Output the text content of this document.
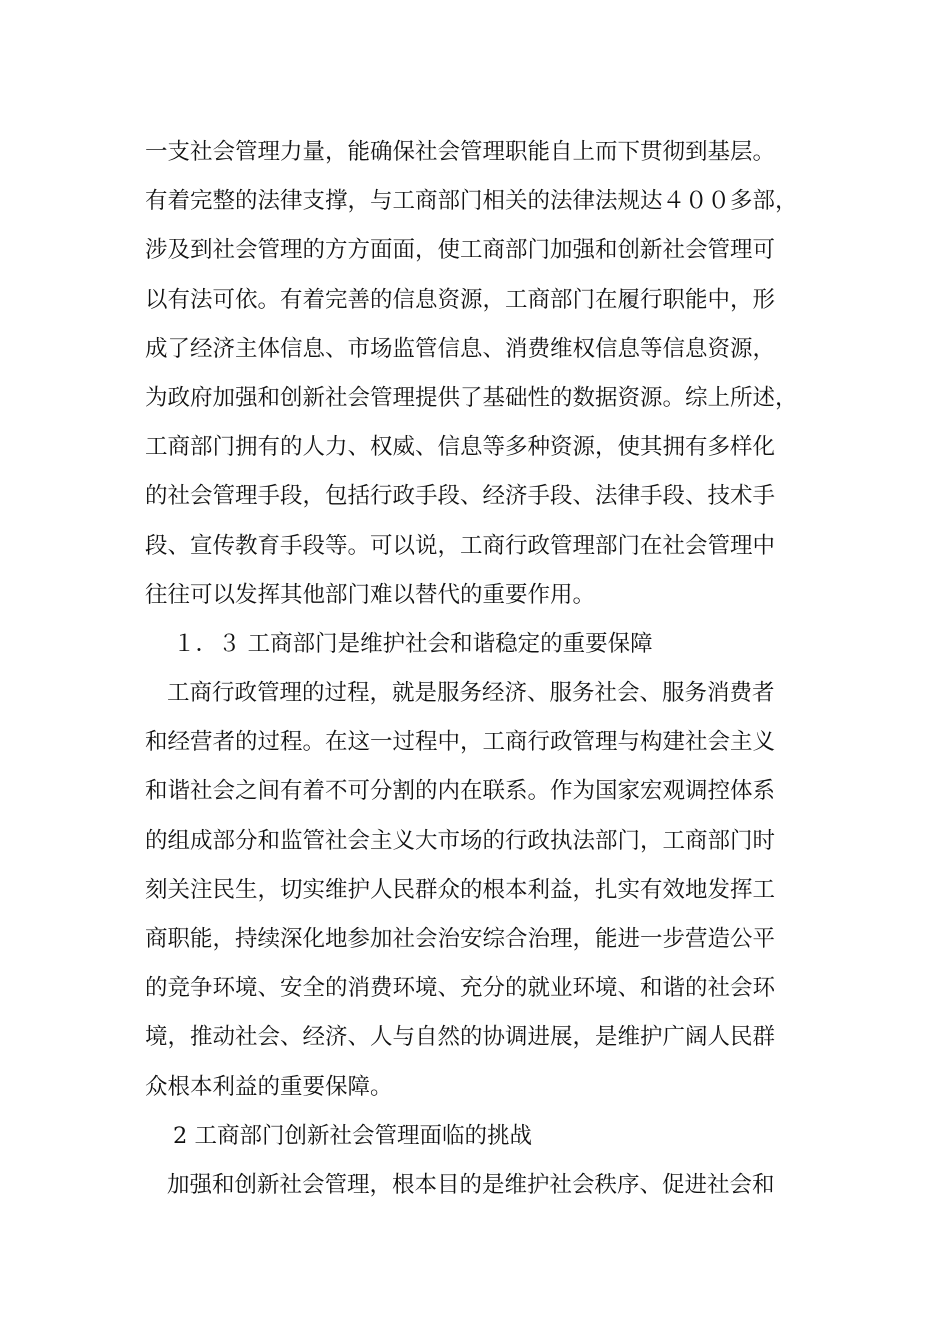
一支社会管理力量，能确保社会管理职能自上而下贯彻到基层。
有着完整的法律支撑，与工商部门相关的法律法规达４００多部，
涉及到社会管理的方方面面，使工商部门加强和创新社会管理可
以有法可依。有着完善的信息资源，工商部门在履行职能中，形
成了经济主体信息、市场监管信息、消费维权信息等信息资源，
为政府加强和创新社会管理提供了基础性的数据资源。综上所述，
工商部门拥有的人力、权威、信息等多种资源，使其拥有多样化
的社会管理手段，包括行政手段、经济手段、法律手段、技术手
段、宣传教育手段等。可以说，工商行政管理部门在社会管理中
往往可以发挥其他部门难以替代的重要作用。
１．３ 工商部门是维护社会和谐稳定的重要保障
工商行政管理的过程，就是服务经济、服务社会、服务消费者
和经营者的过程。在这一过程中，工商行政管理与构建社会主义
和谐社会之间有着不可分割的内在联系。作为国家宏观调控体系
的组成部分和监管社会主义大市场的行政执法部门，工商部门时
刻关注民生，切实维护人民群众的根本利益，扎实有效地发挥工
商职能，持续深化地参加社会治安综合治理，能进一步营造公平
的竞争环境、安全的消费环境、充分的就业环境、和谐的社会环
境，推动社会、经济、人与自然的协调进展，是维护广阔人民群
众根本利益的重要保障。
2 工商部门创新社会管理面临的挑战
加强和创新社会管理，根本目的是维护社会秩序、促进社会和
